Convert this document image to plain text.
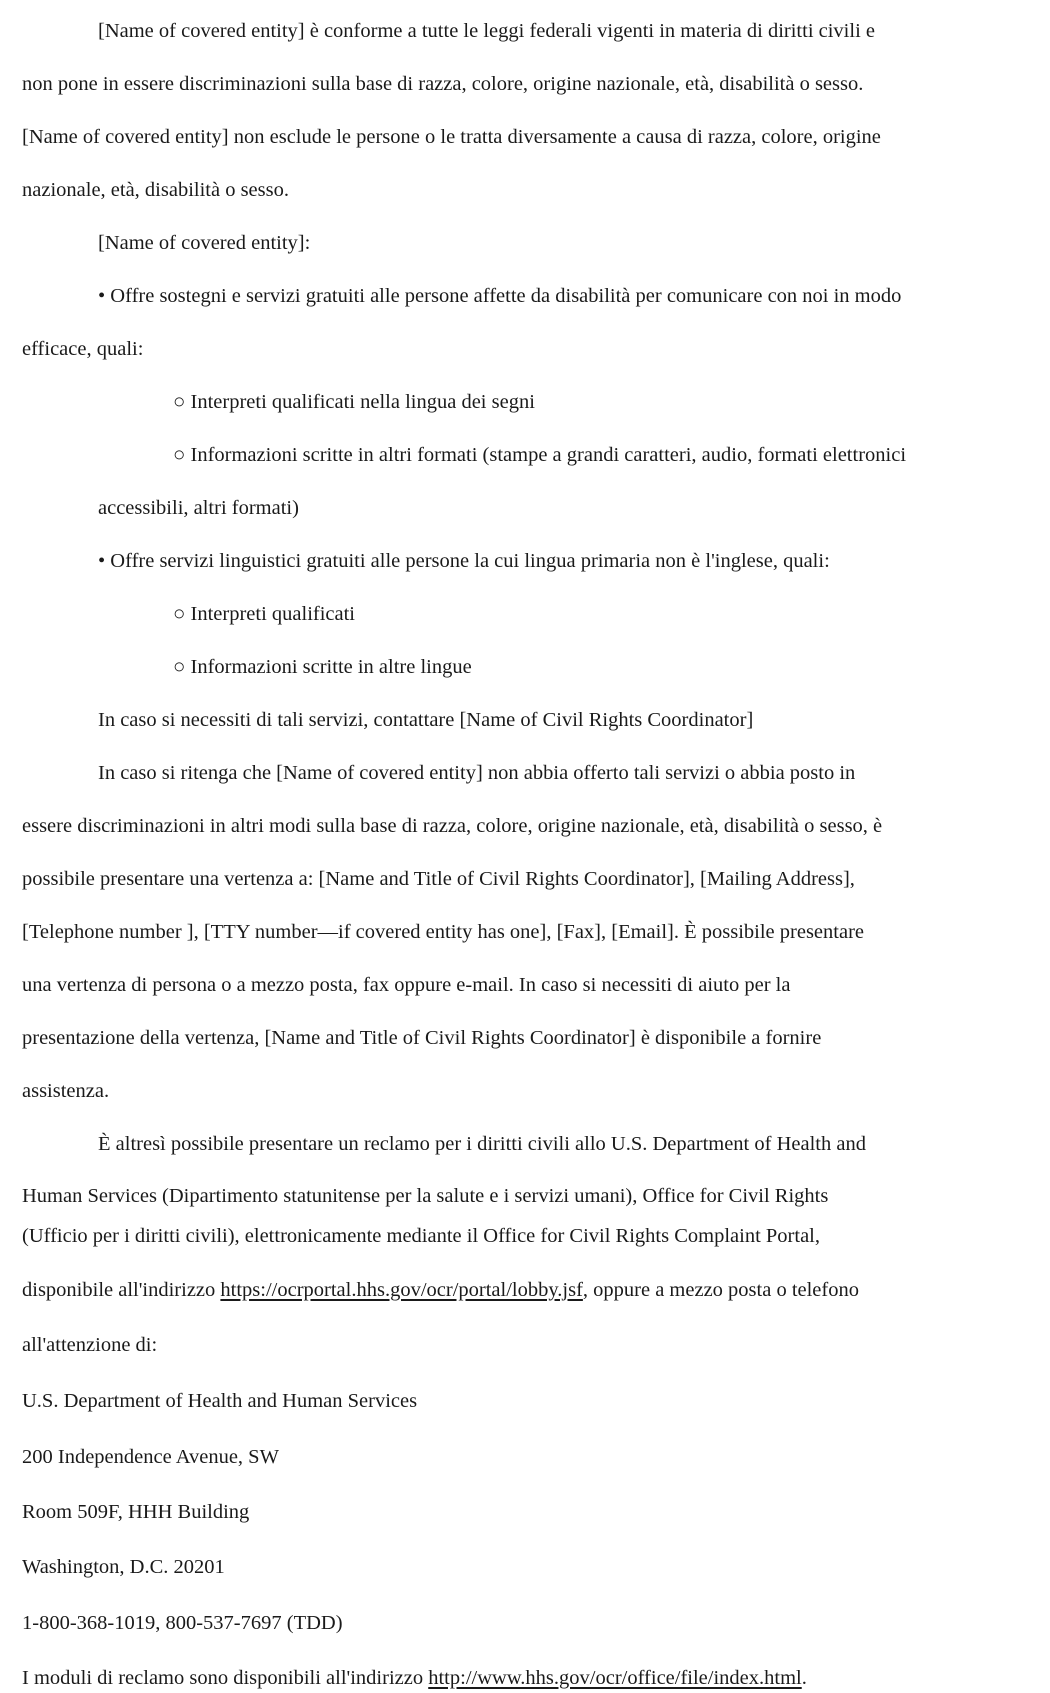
[Name of covered entity] è conforme a tutte le leggi federali vigenti in materia di diritti civili e
non pone in essere discriminazioni sulla base di razza, colore, origine nazionale, età, disabilità o sesso.
[Name of covered entity] non esclude le persone o le tratta diversamente a causa di razza, colore, origine
nazionale, età, disabilità o sesso.
[Name of covered entity]:
• Offre sostegni e servizi gratuiti alle persone affette da disabilità per comunicare con noi in modo
efficace, quali:
○ Interpreti qualificati nella lingua dei segni
○ Informazioni scritte in altri formati (stampe a grandi caratteri, audio, formati elettronici
accessibili, altri formati)
• Offre servizi linguistici gratuiti alle persone la cui lingua primaria non è l'inglese, quali:
○ Interpreti qualificati
○ Informazioni scritte in altre lingue
In caso si necessiti di tali servizi, contattare [Name of Civil Rights Coordinator]
In caso si ritenga che [Name of covered entity] non abbia offerto tali servizi o abbia posto in
essere discriminazioni in altri modi sulla base di razza, colore, origine nazionale, età, disabilità o sesso, è
possibile presentare una vertenza a: [Name and Title of Civil Rights Coordinator], [Mailing Address],
[Telephone number ], [TTY number—if covered entity has one], [Fax], [Email]. È possibile presentare
una vertenza di persona o a mezzo posta, fax oppure e-mail. In caso si necessiti di aiuto per la
presentazione della vertenza, [Name and Title of Civil Rights Coordinator] è disponibile a fornire
assistenza.
È altresì possibile presentare un reclamo per i diritti civili allo U.S. Department of Health and
Human Services (Dipartimento statunitense per la salute e i servizi umani), Office for Civil Rights
(Ufficio per i diritti civili), elettronicamente mediante il Office for Civil Rights Complaint Portal,
disponibile all'indirizzo https://ocrportal.hhs.gov/ocr/portal/lobby.jsf, oppure a mezzo posta o telefono
all'attenzione di:
U.S. Department of Health and Human Services
200 Independence Avenue, SW
Room 509F, HHH Building
Washington, D.C. 20201
1-800-368-1019, 800-537-7697 (TDD)
I moduli di reclamo sono disponibili all'indirizzo http://www.hhs.gov/ocr/office/file/index.html.
